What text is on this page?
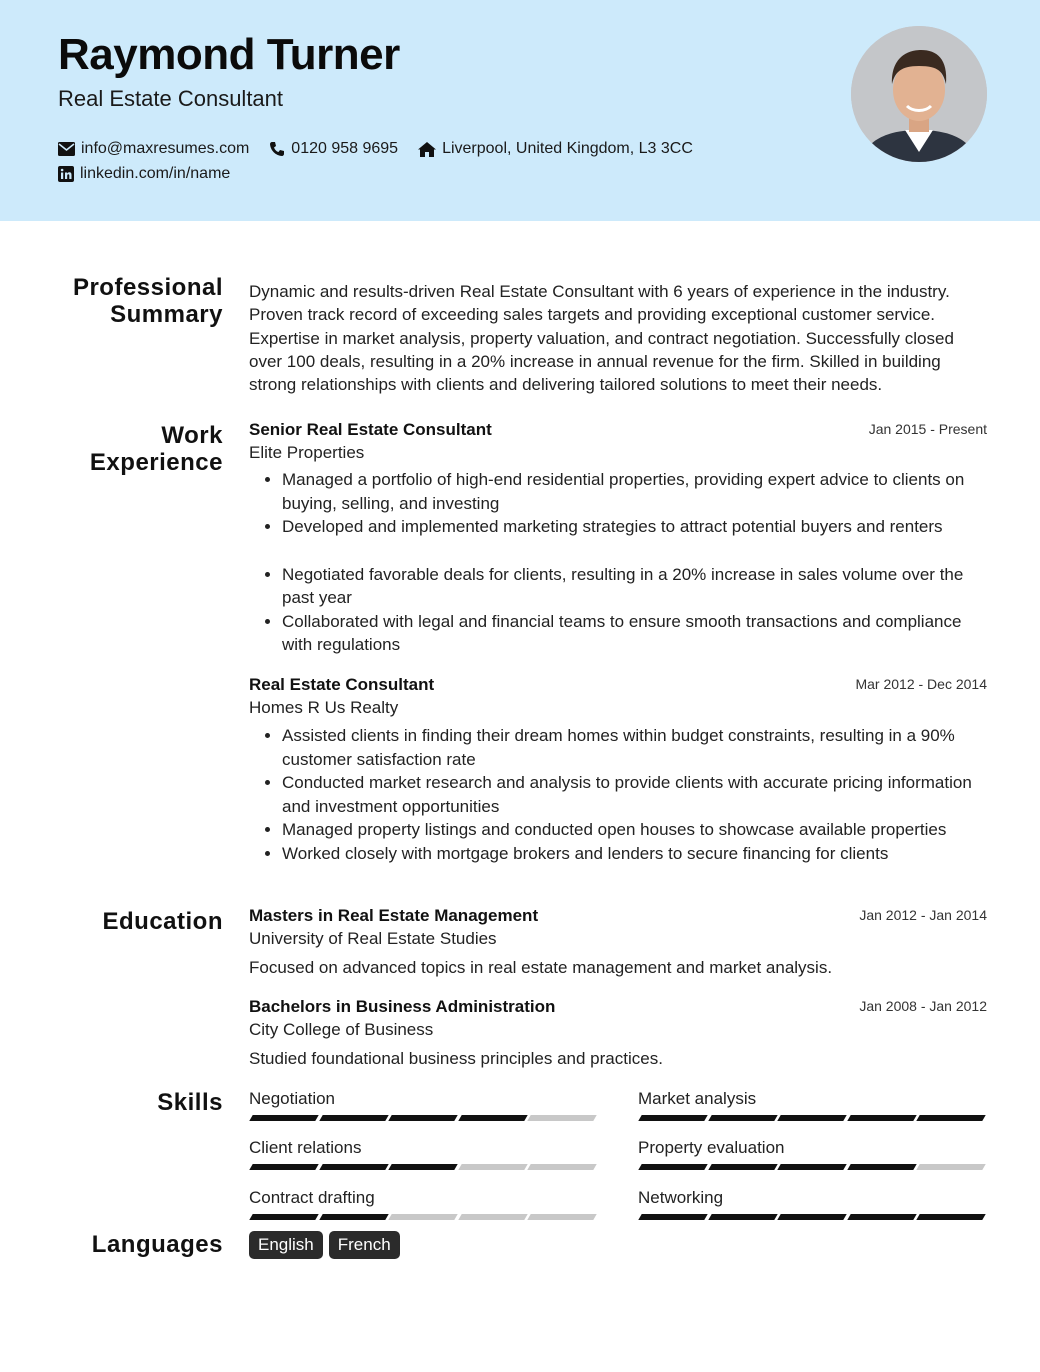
Raymond Turner
Real Estate Consultant
info@maxresumes.com	0120 958 9695	Liverpool, United Kingdom, L3 3CC
linkedin.com/in/name
Professional
Summary

Dynamic and results-driven Real Estate Consultant with 6 years of experience in the industry. Proven track record of exceeding sales targets and providing exceptional customer service. Expertise in market analysis, property valuation, and contract negotiation. Successfully closed over 100 deals, resulting in a 20% increase in annual revenue for the firm. Skilled in building strong relationships with clients and delivering tailored solutions to meet their needs.

Work
Experience
Jan 2015 - Present
Senior Real Estate Consultant
Elite Properties
• Managed a portfolio of high-end residential properties, providing expert advice to clients on buying, selling, and investing
• Developed and implemented marketing strategies to attract potential buyers and renters
• Negotiated favorable deals for clients, resulting in a 20% increase in sales volume over the past year
• Collaborated with legal and financial teams to ensure smooth transactions and compliance with regulations
Mar 2012 - Dec 2014
Real Estate Consultant
Homes R Us Realty
• Assisted clients in finding their dream homes within budget constraints, resulting in a 90% customer satisfaction rate
• Conducted market research and analysis to provide clients with accurate pricing information and investment opportunities
• Managed property listings and conducted open houses to showcase available properties
• Worked closely with mortgage brokers and lenders to secure financing for clients
Education	Jan 2012 - Jan 2014
Masters in Real Estate Management
University of Real Estate Studies
Focused on advanced topics in real estate management and market analysis.
Jan 2008 - Jan 2012
Bachelors in Business Administration
City College of Business
Studied foundational business principles and practices.
Skills Negotiation	Market analysis
Client relations	Property evaluation
Contract drafting	Networking
Languages	English French
